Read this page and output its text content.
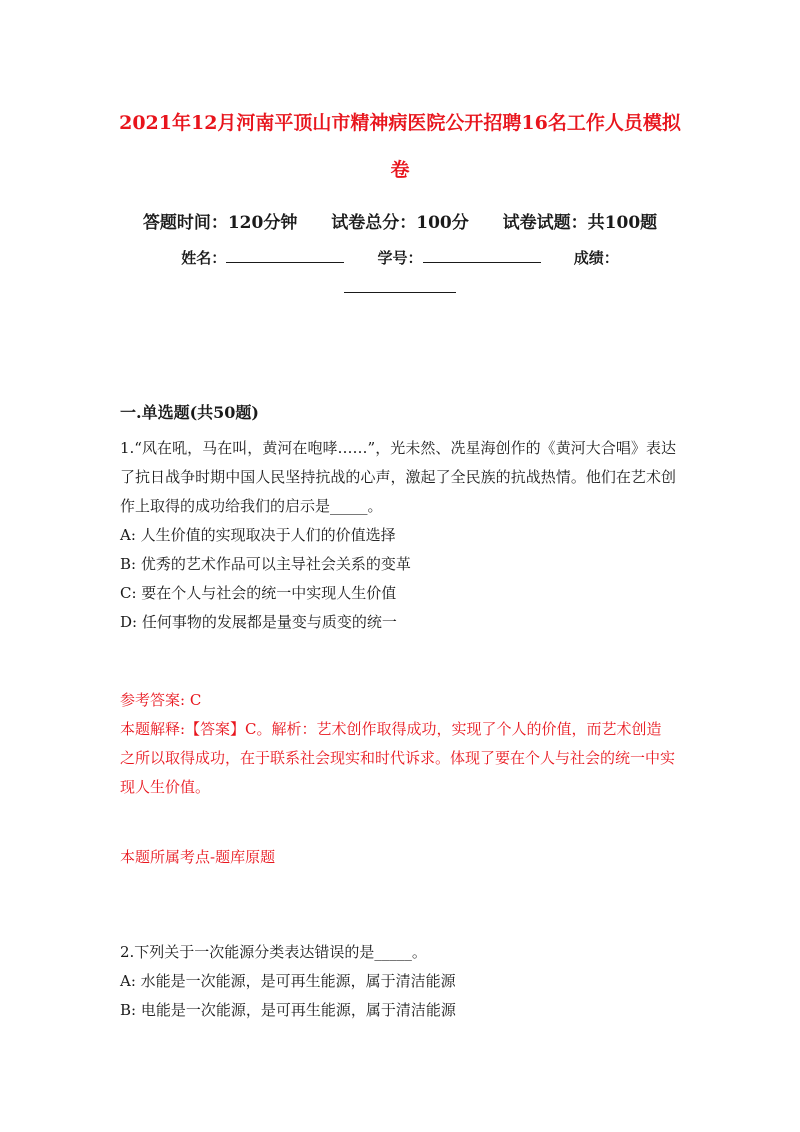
2021年12月河南平顶山市精神病医院公开招聘16名工作人员模拟
卷
答题时间：120分钟 试卷总分：100分 试卷试题：共100题
姓名：	学号：	成绩：
一.单选题(共50题)
1.“风在吼，马在叫，黄河在咆哮……”，光未然、冼星海创作的《黄河大合唱》表达了抗日战争时期中国人民坚持抗战的心声，激起了全民族的抗战热情。他们在艺术创作上取得的成功给我们的启示是_____。
A: 人生价值的实现取决于人们的价值选择
B: 优秀的艺术作品可以主导社会关系的变革
C: 要在个人与社会的统一中实现人生价值
D: 任何事物的发展都是量变与质变的统一
参考答案: C
本题解释:【答案】C。解析：艺术创作取得成功，实现了个人的价值，而艺术创造之所以取得成功，在于联系社会现实和时代诉求。体现了要在个人与社会的统一中实现人生价值。
本题所属考点-题库原题
2.下列关于一次能源分类表达错误的是_____。
A: 水能是一次能源，是可再生能源，属于清洁能源
B: 电能是一次能源，是可再生能源，属于清洁能源
